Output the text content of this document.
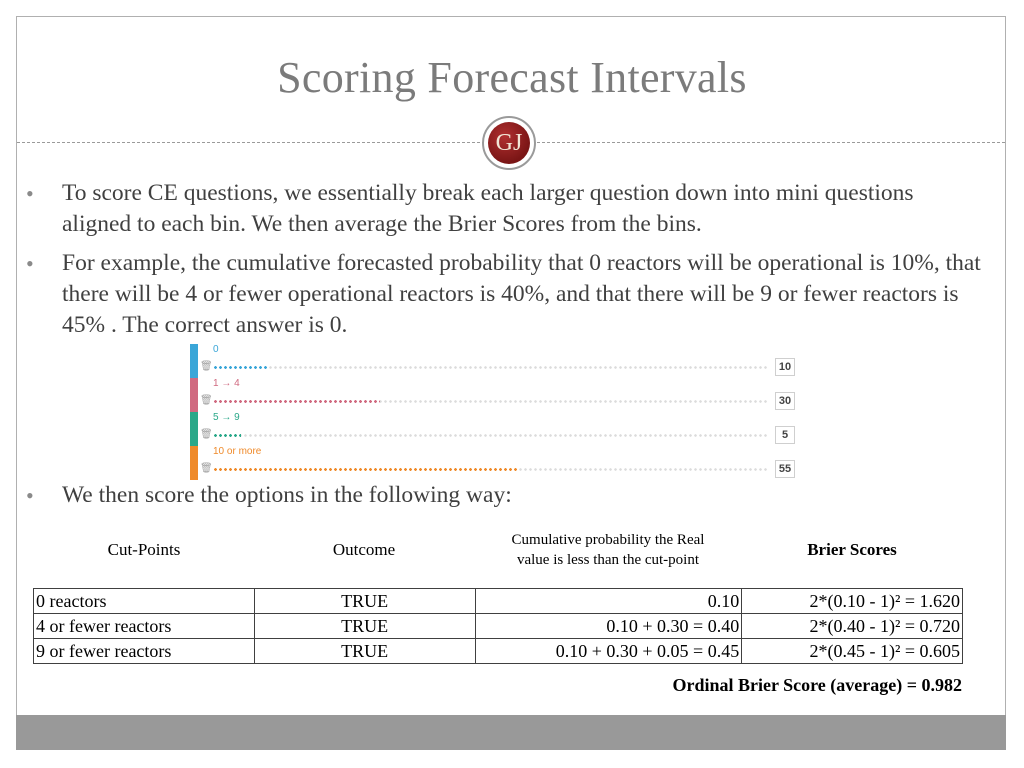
Scoring Forecast Intervals
GJ
• To score CE questions, we essentially break each larger question down into mini questions aligned to each bin. We then average the Brier Scores from the bins.
• For example, the cumulative forecasted probability that 0 reactors will be operational is 10%, that there will be 4 or fewer operational reactors is 40%, and that there will be 9 or fewer reactors is 45% . The correct answer is 0.
0
🗑	10
1 → 4
🗑	30
5 → 9
🗑	5
10 or more
🗑	55
• We then score the options in the following way:
Cut-Points	Outcome	Cumulative probability the Real
value is less than the cut-point
Brier Scores
0 reactors	TRUE	0.10	2*(0.10 - 1)² = 1.620
4 or fewer reactors	TRUE	0.10 + 0.30 = 0.40	2*(0.40 - 1)² = 0.720
9 or fewer reactors	TRUE	0.10 + 0.30 + 0.05 = 0.45	2*(0.45 - 1)² = 0.605
Ordinal Brier Score (average) = 0.982
